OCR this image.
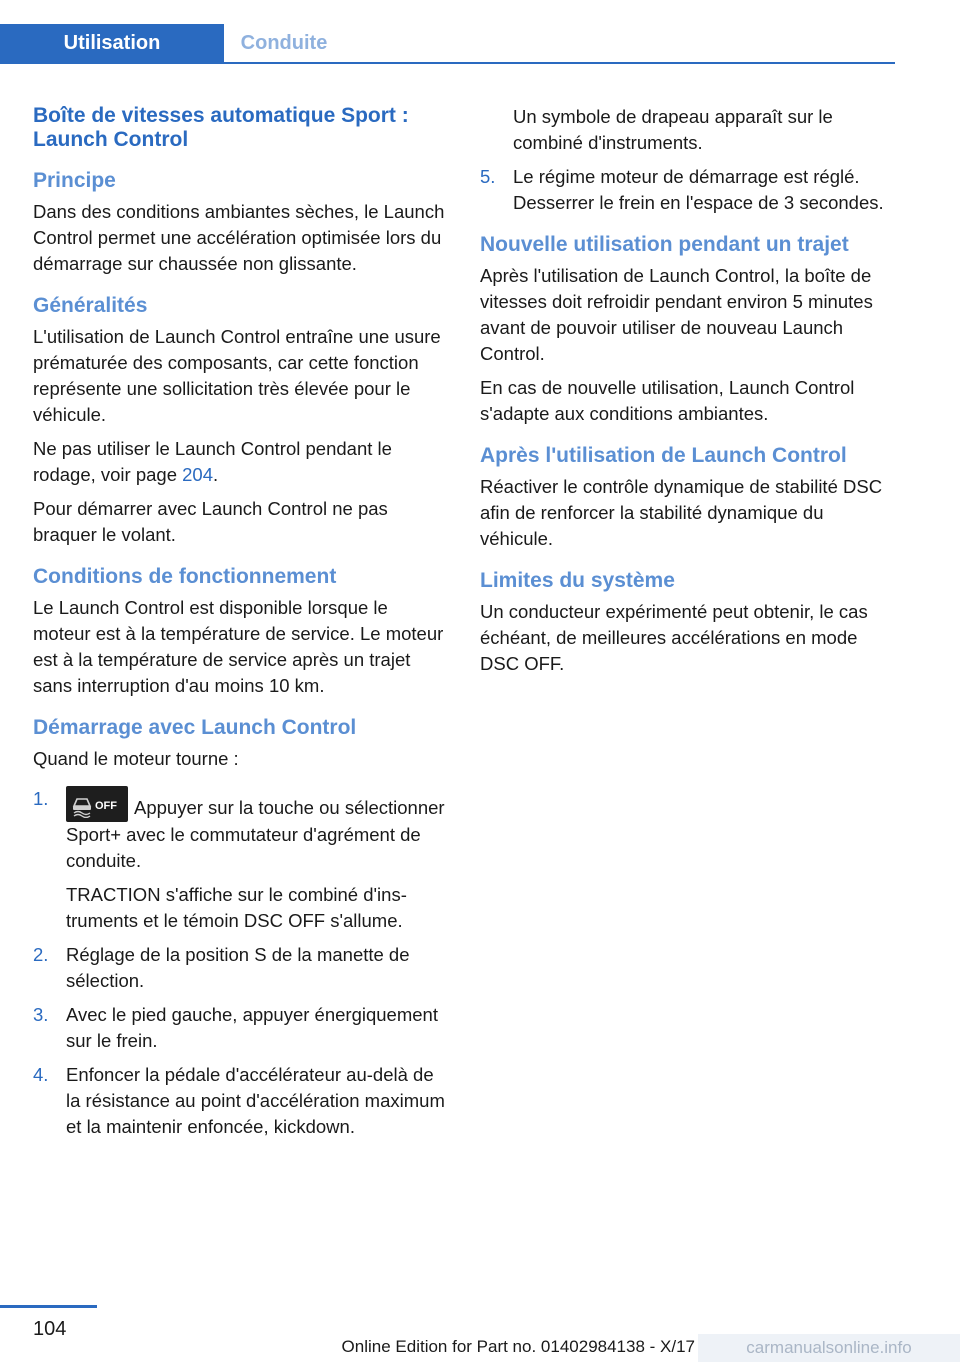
Utilisation	Conduite
Boîte de vitesses automatique Sport : Launch Control
Principe

Dans des conditions ambiantes sèches, le Launch Control permet une accélération optimisée lors du démarrage sur chaussée non glissante.

Généralités

L'utilisation de Launch Control entraîne une usure prématurée des composants, car cette fonction représente une sollicitation très élevée pour le véhicule.

Ne pas utiliser le Launch Control pendant le rodage, voir page 204.

Pour démarrer avec Launch Control ne pas braquer le volant.

Conditions de fonctionnement

Le Launch Control est disponible lorsque le moteur est à la température de service. Le moteur est à la température de service après un trajet sans interruption d'au moins 10 km.

Démarrage avec Launch Control

Quand le moteur tourne :

1.	OFF Appuyer sur la touche ou sélectionner Sport+ avec le commutateur d'agrément de conduite.

TRACTION s'affiche sur le combiné d'instruments et le témoin DSC OFF s'allume.

2. Réglage de la position S de la manette de sélection.

3. Avec le pied gauche, appuyer énergiquement sur le frein.

4. Enfoncer la pédale d'accélérateur au-delà de la résistance au point d'accélération maximum et la maintenir enfoncée, kickdown.

Un symbole de drapeau apparaît sur le combiné d'instruments.
5. Le régime moteur de démarrage est réglé. Desserrer le frein en l'espace de 3 secondes.

Nouvelle utilisation pendant un trajet

Après l'utilisation de Launch Control, la boîte de vitesses doit refroidir pendant environ 5 minutes avant de pouvoir utiliser de nouveau Launch Control.

En cas de nouvelle utilisation, Launch Control s'adapte aux conditions ambiantes.

Après l'utilisation de Launch Control

Réactiver le contrôle dynamique de stabilité DSC afin de renforcer la stabilité dynamique du véhicule.

Limites du système

Un conducteur expérimenté peut obtenir, le cas échéant, de meilleures accélérations en mode DSC OFF.

104
Online Edition for Part no. 01402984138 - X/17	carmanualsonline.info
